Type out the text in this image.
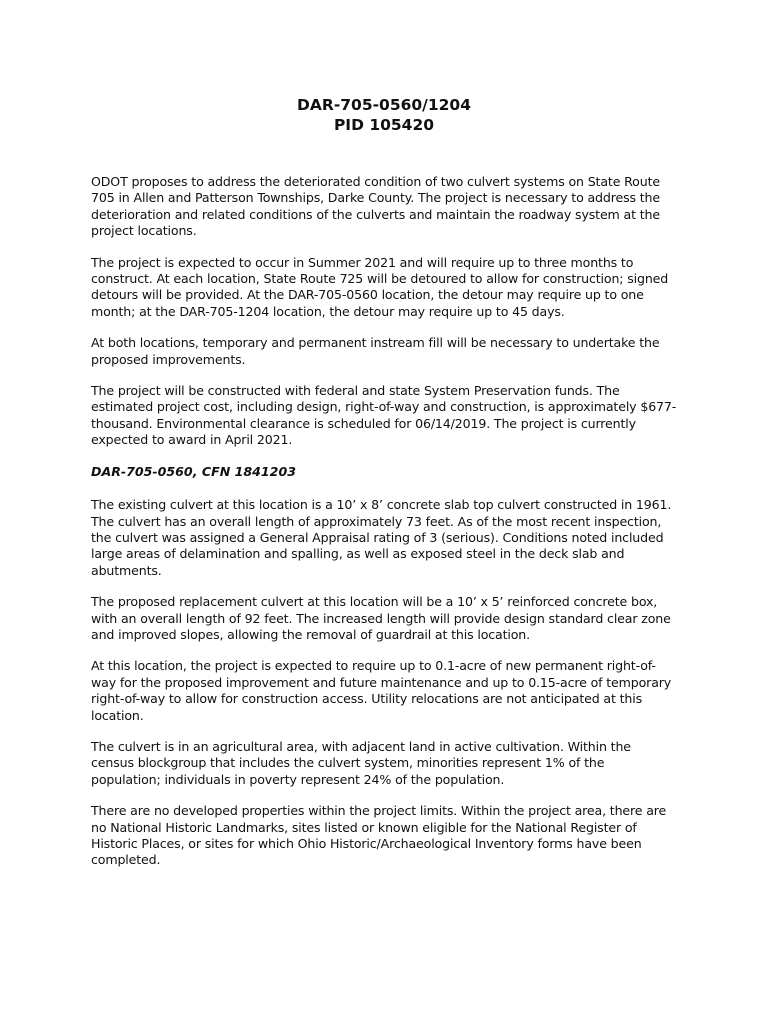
DAR-705-0560/1204
PID 105420

ODOT proposes to address the deteriorated condition of two culvert systems on State Route 705 in Allen and Patterson Townships, Darke County. The project is necessary to address the deterioration and related conditions of the culverts and maintain the roadway system at the project locations.

The project is expected to occur in Summer 2021 and will require up to three months to construct. At each location, State Route 725 will be detoured to allow for construction; signed detours will be provided. At the DAR-705-0560 location, the detour may require up to one month; at the DAR-705-1204 location, the detour may require up to 45 days.

At both locations, temporary and permanent instream fill will be necessary to undertake the proposed improvements.

The project will be constructed with federal and state System Preservation funds. The estimated project cost, including design, right-of-way and construction, is approximately $677-thousand. Environmental clearance is scheduled for 06/14/2019. The project is currently expected to award in April 2021.

DAR-705-0560, CFN 1841203

The existing culvert at this location is a 10’ x 8’ concrete slab top culvert constructed in 1961. The culvert has an overall length of approximately 73 feet. As of the most recent inspection, the culvert was assigned a General Appraisal rating of 3 (serious). Conditions noted included large areas of delamination and spalling, as well as exposed steel in the deck slab and abutments.

The proposed replacement culvert at this location will be a 10’ x 5’ reinforced concrete box, with an overall length of 92 feet. The increased length will provide design standard clear zone and improved slopes, allowing the removal of guardrail at this location.

At this location, the project is expected to require up to 0.1-acre of new permanent right-of-way for the proposed improvement and future maintenance and up to 0.15-acre of temporary right-of-way to allow for construction access. Utility relocations are not anticipated at this location.

The culvert is in an agricultural area, with adjacent land in active cultivation. Within the census blockgroup that includes the culvert system, minorities represent 1% of the population; individuals in poverty represent 24% of the population.

There are no developed properties within the project limits. Within the project area, there are no National Historic Landmarks, sites listed or known eligible for the National Register of Historic Places, or sites for which Ohio Historic/Archaeological Inventory forms have been completed.
